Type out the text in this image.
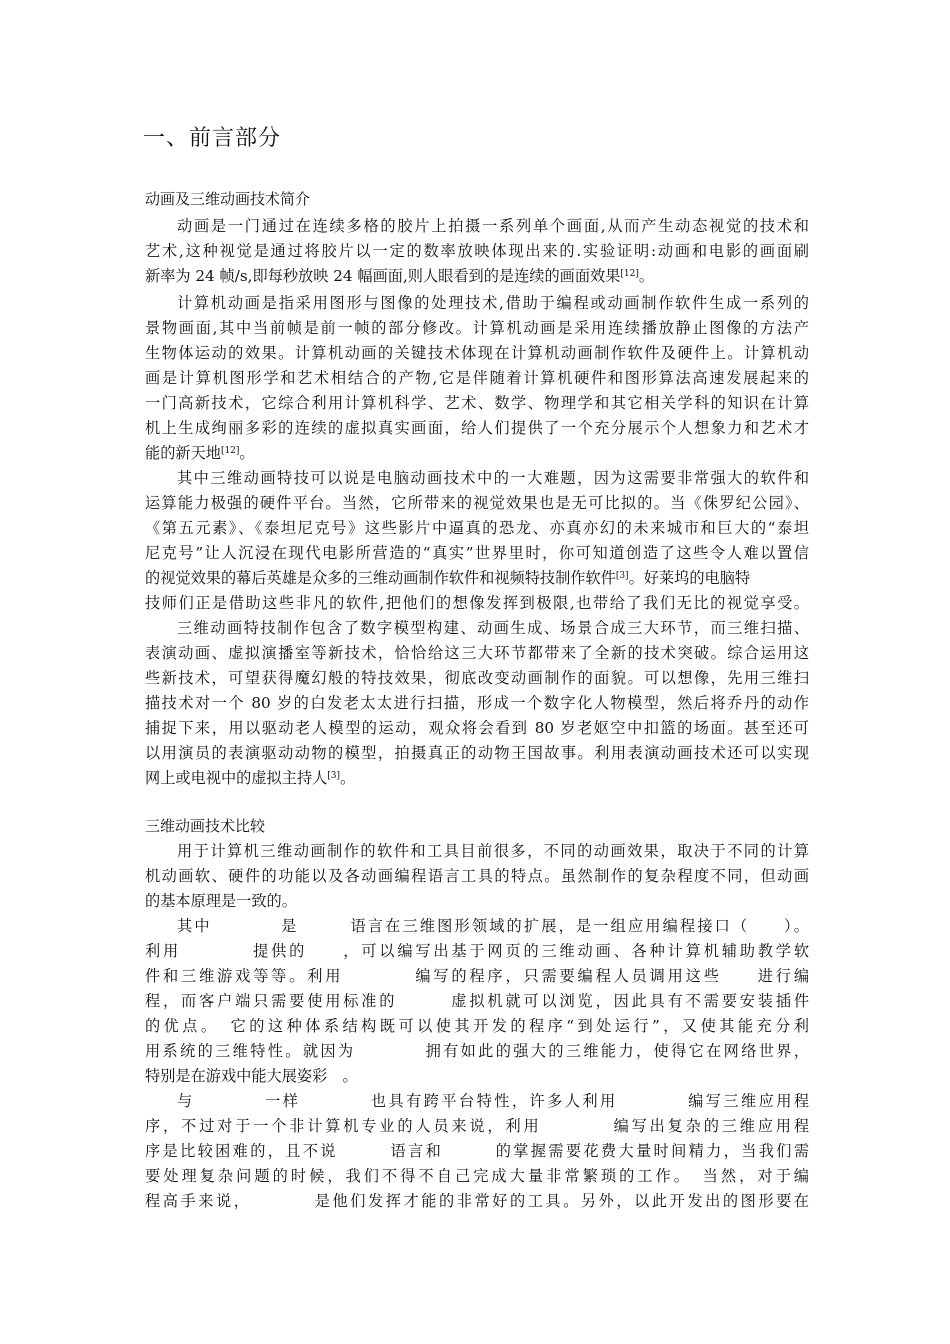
一、前言部分
动画及三维动画技术简介
动画是一门通过在连续多格的胶片上拍摄一系列单个画面,从而产生动态视觉的技术和
艺术,这种视觉是通过将胶片以一定的数率放映体现出来的.实验证明:动画和电影的画面刷
新率为 24 帧/s,即每秒放映 24 幅画面,则人眼看到的是连续的画面效果[12]。
计算机动画是指采用图形与图像的处理技术,借助于编程或动画制作软件生成一系列的
景物画面,其中当前帧是前一帧的部分修改。计算机动画是采用连续播放静止图像的方法产
生物体运动的效果。计算机动画的关键技术体现在计算机动画制作软件及硬件上。计算机动
画是计算机图形学和艺术相结合的产物,它是伴随着计算机硬件和图形算法高速发展起来的
一门高新技术，它综合利用计算机科学、艺术、数学、物理学和其它相关学科的知识在计算
机上生成绚丽多彩的连续的虚拟真实画面，给人们提供了一个充分展示个人想象力和艺术才
能的新天地[12]。
其中三维动画特技可以说是电脑动画技术中的一大难题，因为这需要非常强大的软件和
运算能力极强的硬件平台。当然，它所带来的视觉效果也是无可比拟的。当《侏罗纪公园》、
《第五元素》、《泰坦尼克号》这些影片中逼真的恐龙、亦真亦幻的未来城市和巨大的“泰坦
尼克号”让人沉浸在现代电影所营造的“真实”世界里时，你可知道创造了这些令人难以置信
的视觉效果的幕后英雄是众多的三维动画制作软件和视频特技制作软件[3]。好莱坞的电脑特
技师们正是借助这些非凡的软件,把他们的想像发挥到极限,也带给了我们无比的视觉享受。
三维动画特技制作包含了数字模型构建、动画生成、场景合成三大环节，而三维扫描、
表演动画、虚拟演播室等新技术，恰恰给这三大环节都带来了全新的技术突破。综合运用这
些新技术，可望获得魔幻般的特技效果，彻底改变动画制作的面貌。可以想像，先用三维扫
描技术对一个 80 岁的白发老太太进行扫描，形成一个数字化人物模型，然后将乔丹的动作
捕捉下来，用以驱动老人模型的运动，观众将会看到 80 岁老妪空中扣篮的场面。甚至还可
以用演员的表演驱动动物的模型，拍摄真正的动物王国故事。利用表演动画技术还可以实现
网上或电视中的虚拟主持人[3]。
三维动画技术比较
用于计算机三维动画制作的软件和工具目前很多，不同的动画效果，取决于不同的计算
机动画软、硬件的功能以及各动画编程语言工具的特点。虽然制作的复杂程度不同，但动画
的基本原理是一致的。
其中　　　　是　　　语言在三维图形领域的扩展，是一组应用编程接口（　　）。
利用　　　　提供的　　，可以编写出基于网页的三维动画、各种计算机辅助教学软
件和三维游戏等等。利用　　　　编写的程序，只需要编程人员调用这些　　进行编
程，而客户端只需要使用标准的　　　虚拟机就可以浏览，因此具有不需要安装插件
的优点。　它的这种体系结构既可以使其开发的程序“到处运行”，又使其能充分利
用系统的三维特性。就因为　　　　拥有如此的强大的三维能力，使得它在网络世界，
特别是在游戏中能大展姿彩　。
与　　　　一样　　　　也具有跨平台特性，许多人利用　　　　编写三维应用程
序，不过对于一个非计算机专业的人员来说，利用　　　　编写出复杂的三维应用程
序是比较困难的，且不说　　　语言和　　　的掌握需要花费大量时间精力，当我们需
要处理复杂问题的时候，我们不得不自己完成大量非常繁琐的工作。　当然，对于编
程高手来说，　　　　是他们发挥才能的非常好的工具。另外，以此开发出的图形要在
